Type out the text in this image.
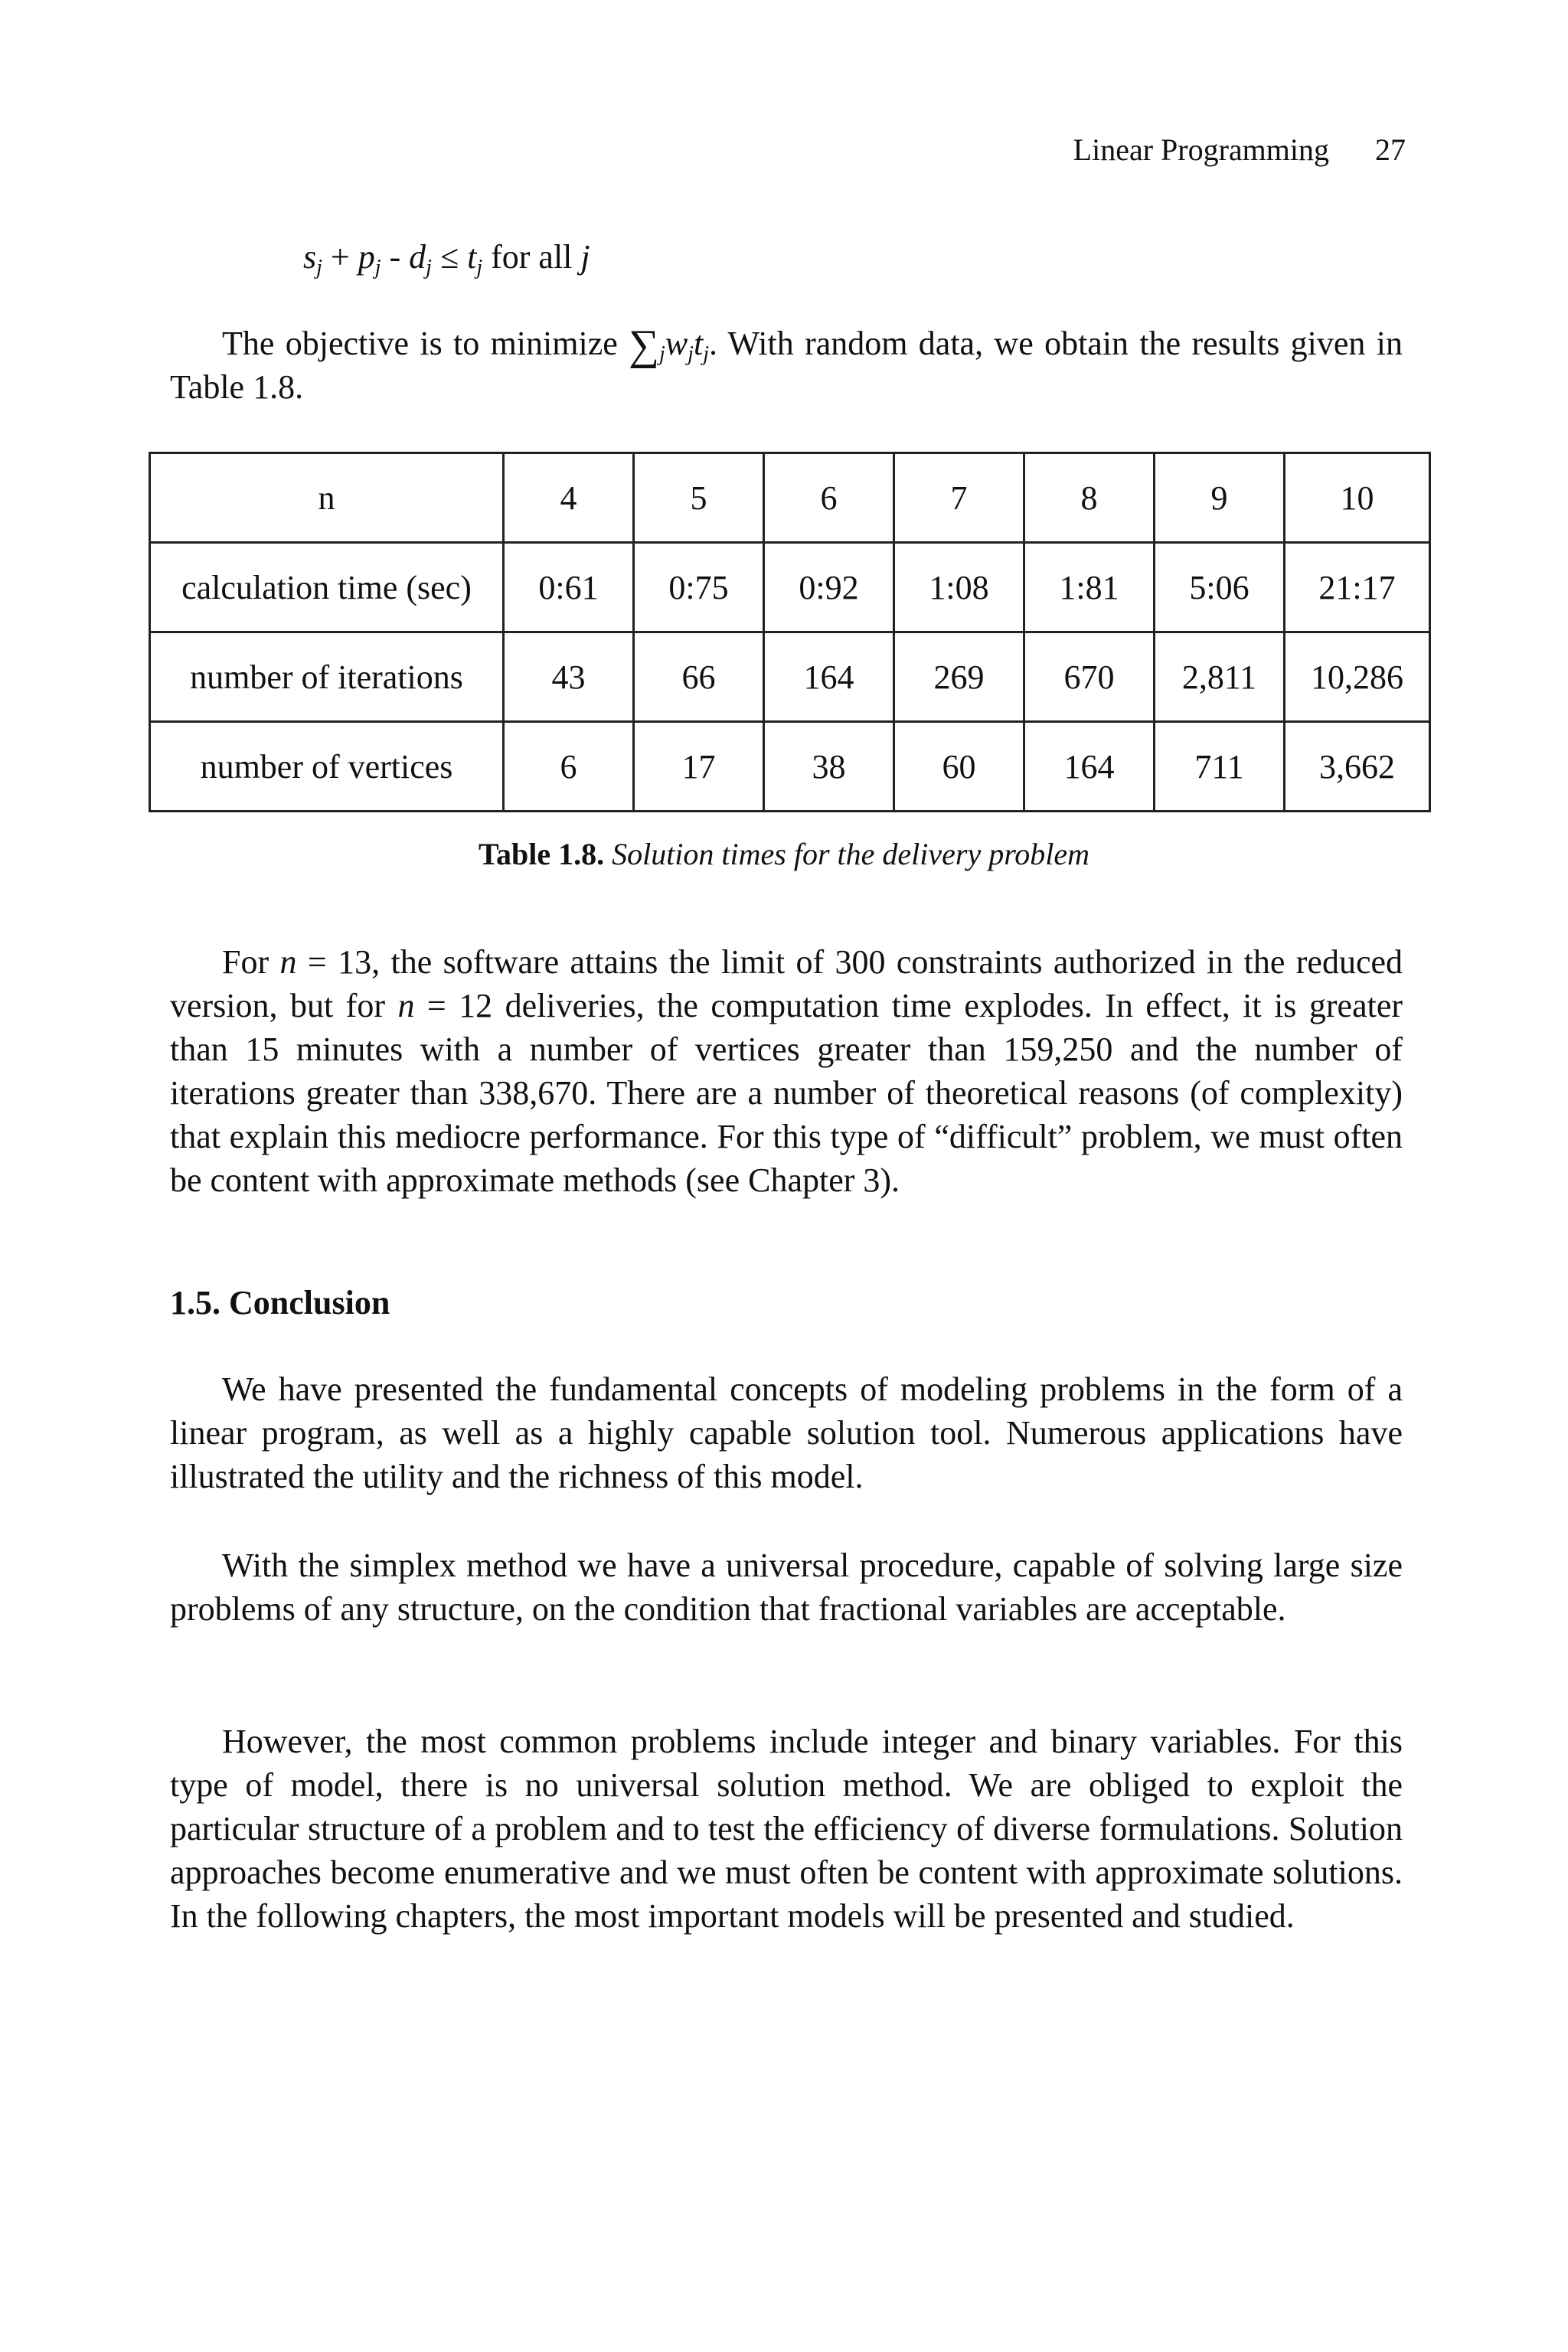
Linear Programming 27
$s_j + p_j - d_j \le t_j$ for all j

The objective is to minimize $\sum_jw_jt_j$. With random data, we obtain the results given in Table 1.8.

n	4	5	6	7	8	9	10
calculation time (sec)	0:61	0:75	0:92	1:08	1:81	5:06	21:17
number of iterations	43	66	164	269	670	2,811	10,286
number of vertices	6	17	38	60	164	711	3,662
Table 1.8. Solution times for the delivery problem

For n = 13, the software attains the limit of 300 constraints authorized in the reduced version, but for n = 12 deliveries, the computation time explodes. In effect, it is greater than 15 minutes with a number of vertices greater than 159,250 and the number of iterations greater than 338,670. There are a number of theoretical reasons (of complexity) that explain this mediocre performance. For this type of “difficult” problem, we must often be content with approximate methods (see Chapter 3).

1.5. Conclusion

We have presented the fundamental concepts of modeling problems in the form of a linear program, as well as a highly capable solution tool. Numerous applications have illustrated the utility and the richness of this model.

With the simplex method we have a universal procedure, capable of solving large size problems of any structure, on the condition that fractional variables are acceptable.

However, the most common problems include integer and binary variables. For this type of model, there is no universal solution method. We are obliged to exploit the particular structure of a problem and to test the efficiency of diverse formulations. Solution approaches become enumerative and we must often be content with approximate solutions. In the following chapters, the most important models will be presented and studied.
